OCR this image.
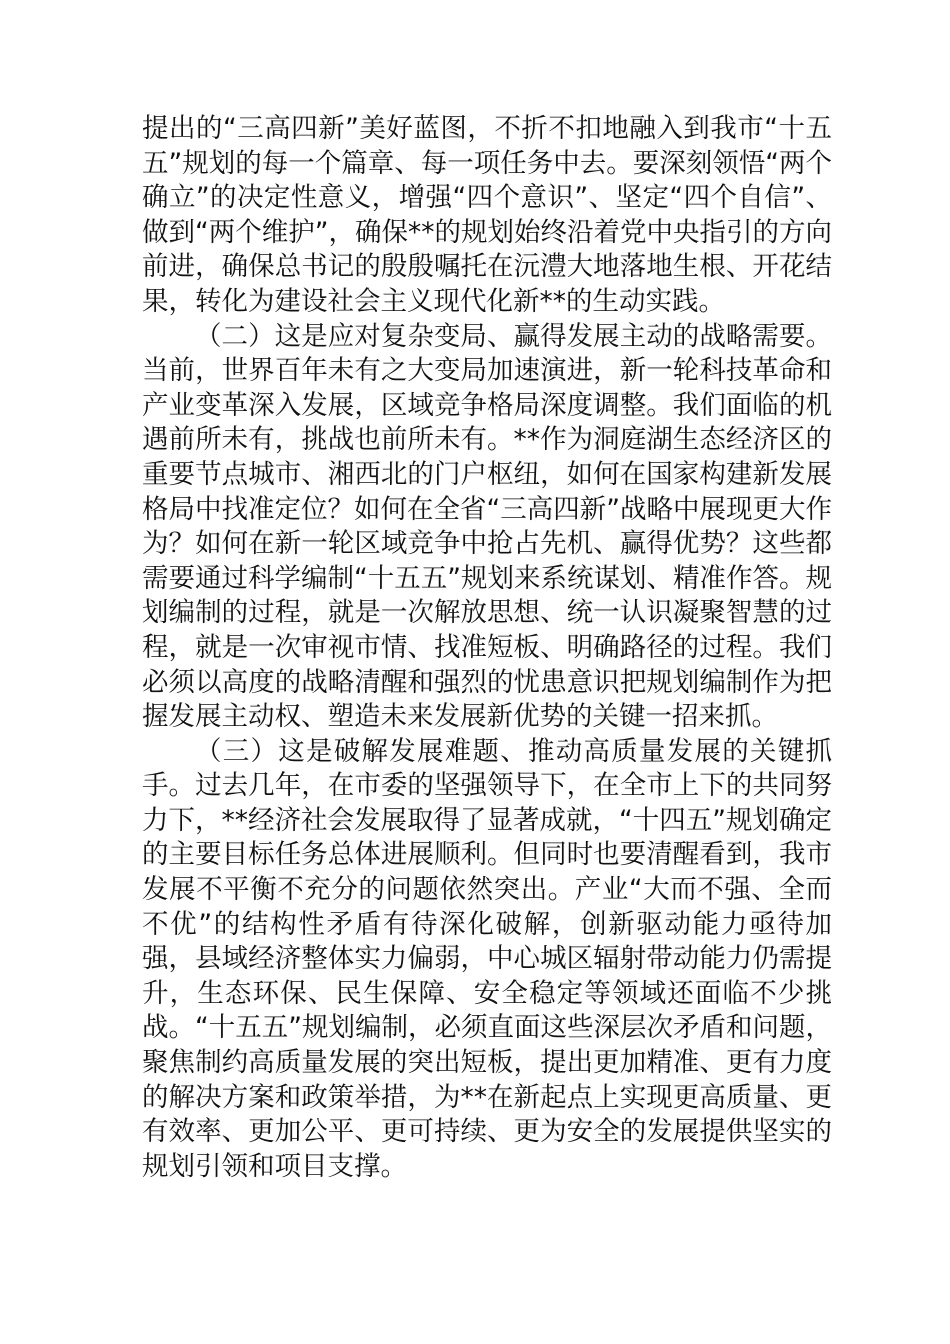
提出的“三高四新”美好蓝图，不折不扣地融入到我市“十五五”规划的每一个篇章、每一项任务中去。要深刻领悟“两个确立”的决定性意义，增强“四个意识”、坚定“四个自信”、做到“两个维护”，确保**的规划始终沿着党中央指引的方向前进，确保总书记的殷殷嘱托在沅澧大地落地生根、开花结果，转化为建设社会主义现代化新**的生动实践。

（二）这是应对复杂变局、赢得发展主动的战略需要。当前，世界百年未有之大变局加速演进，新一轮科技革命和产业变革深入发展，区域竞争格局深度调整。我们面临的机遇前所未有，挑战也前所未有。**作为洞庭湖生态经济区的重要节点城市、湘西北的门户枢纽，如何在国家构建新发展格局中找准定位？如何在全省“三高四新”战略中展现更大作为？如何在新一轮区域竞争中抢占先机、赢得优势？这些都需要通过科学编制“十五五”规划来系统谋划、精准作答。规划编制的过程，就是一次解放思想、统一认识凝聚智慧的过程，就是一次审视市情、找准短板、明确路径的过程。我们必须以高度的战略清醒和强烈的忧患意识把规划编制作为把握发展主动权、塑造未来发展新优势的关键一招来抓。

（三）这是破解发展难题、推动高质量发展的关键抓手。过去几年，在市委的坚强领导下，在全市上下的共同努力下，**经济社会发展取得了显著成就，“十四五”规划确定的主要目标任务总体进展顺利。但同时也要清醒看到，我市发展不平衡不充分的问题依然突出。产业“大而不强、全而不优”的结构性矛盾有待深化破解，创新驱动能力亟待加强，县域经济整体实力偏弱，中心城区辐射带动能力仍需提升，生态环保、民生保障、安全稳定等领域还面临不少挑战。“十五五”规划编制，必须直面这些深层次矛盾和问题，聚焦制约高质量发展的突出短板，提出更加精准、更有力度的解决方案和政策举措，为**在新起点上实现更高质量、更有效率、更加公平、更可持续、更为安全的发展提供坚实的规划引领和项目支撑。
